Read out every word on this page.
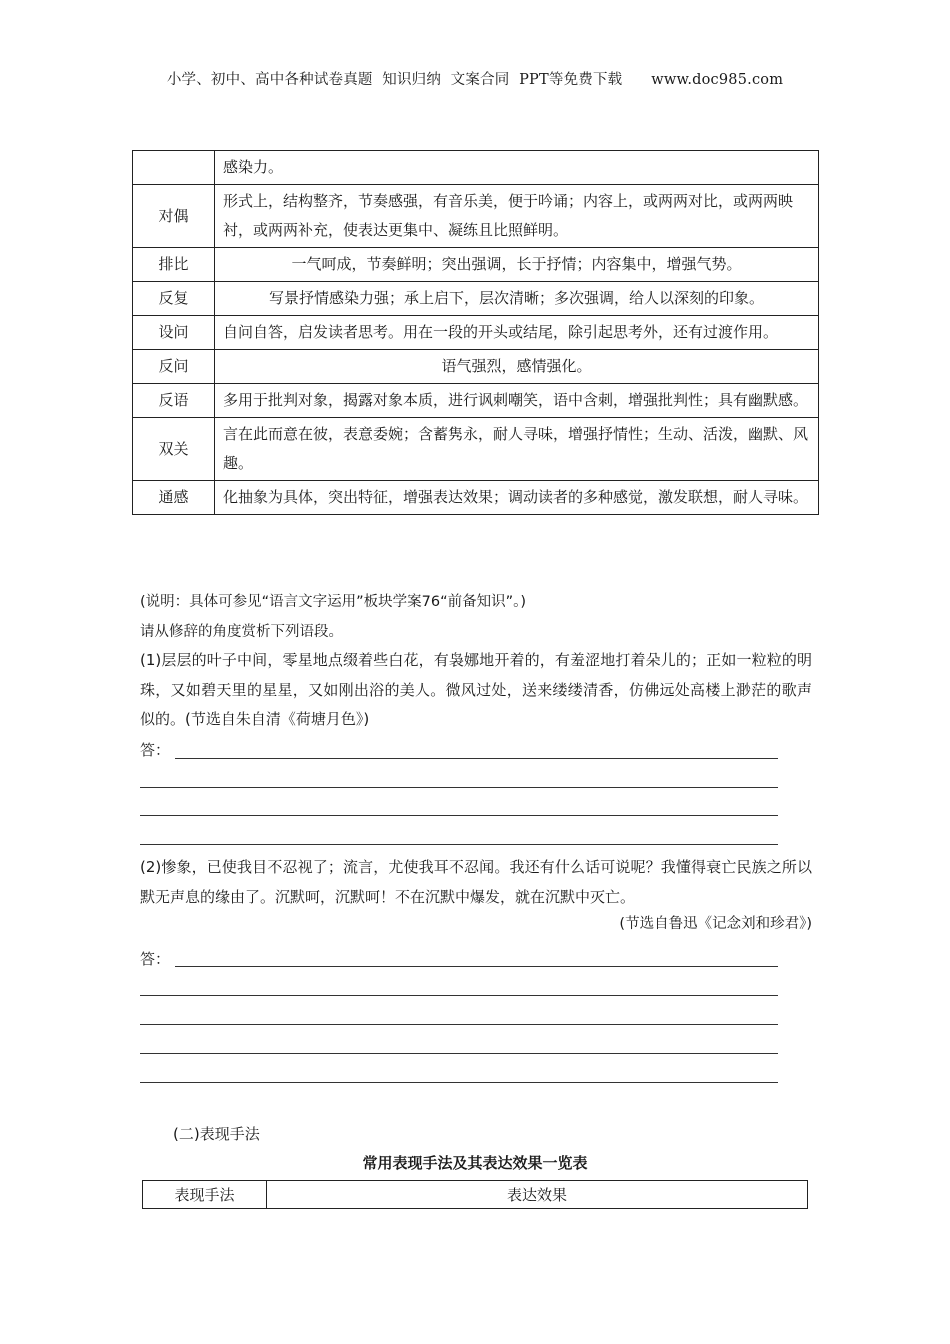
小学、初中、高中各种试卷真题  知识归纳  文案合同  PPT等免费下载      www.doc985.com
	感染力。
对偶	形式上，结构整齐，节奏感强，有音乐美，便于吟诵；内容上，或两两对比，或两两映衬，或两两补充，使表达更集中、凝练且比照鲜明。
排比	一气呵成，节奏鲜明；突出强调，长于抒情；内容集中，增强气势。
反复	写景抒情感染力强；承上启下，层次清晰；多次强调，给人以深刻的印象。
设问	自问自答，启发读者思考。用在一段的开头或结尾，除引起思考外，还有过渡作用。
反问	语气强烈，感情强化。
反语	多用于批判对象，揭露对象本质，进行讽刺嘲笑，语中含刺，增强批判性；具有幽默感。
双关	言在此而意在彼，表意委婉；含蓄隽永，耐人寻味，增强抒情性；生动、活泼，幽默、风趣。
通感	化抽象为具体，突出特征，增强表达效果；调动读者的多种感觉，激发联想，耐人寻味。
(说明：具体可参见“语言文字运用”板块学案76“前备知识”。)
请从修辞的角度赏析下列语段。
(1)层层的叶子中间，零星地点缀着些白花，有袅娜地开着的，有羞涩地打着朵儿的；正如一粒粒的明珠，又如碧天里的星星，又如刚出浴的美人。微风过处，送来缕缕清香，仿佛远处高楼上渺茫的歌声似的。(节选自朱自清《荷塘月色》)
答：
(2)惨象，已使我目不忍视了；流言，尤使我耳不忍闻。我还有什么话可说呢？我懂得衰亡民族之所以默无声息的缘由了。沉默呵，沉默呵！不在沉默中爆发，就在沉默中灭亡。
(节选自鲁迅《记念刘和珍君》)
答：
(二)表现手法
常用表现手法及其表达效果一览表
表现手法	表达效果
